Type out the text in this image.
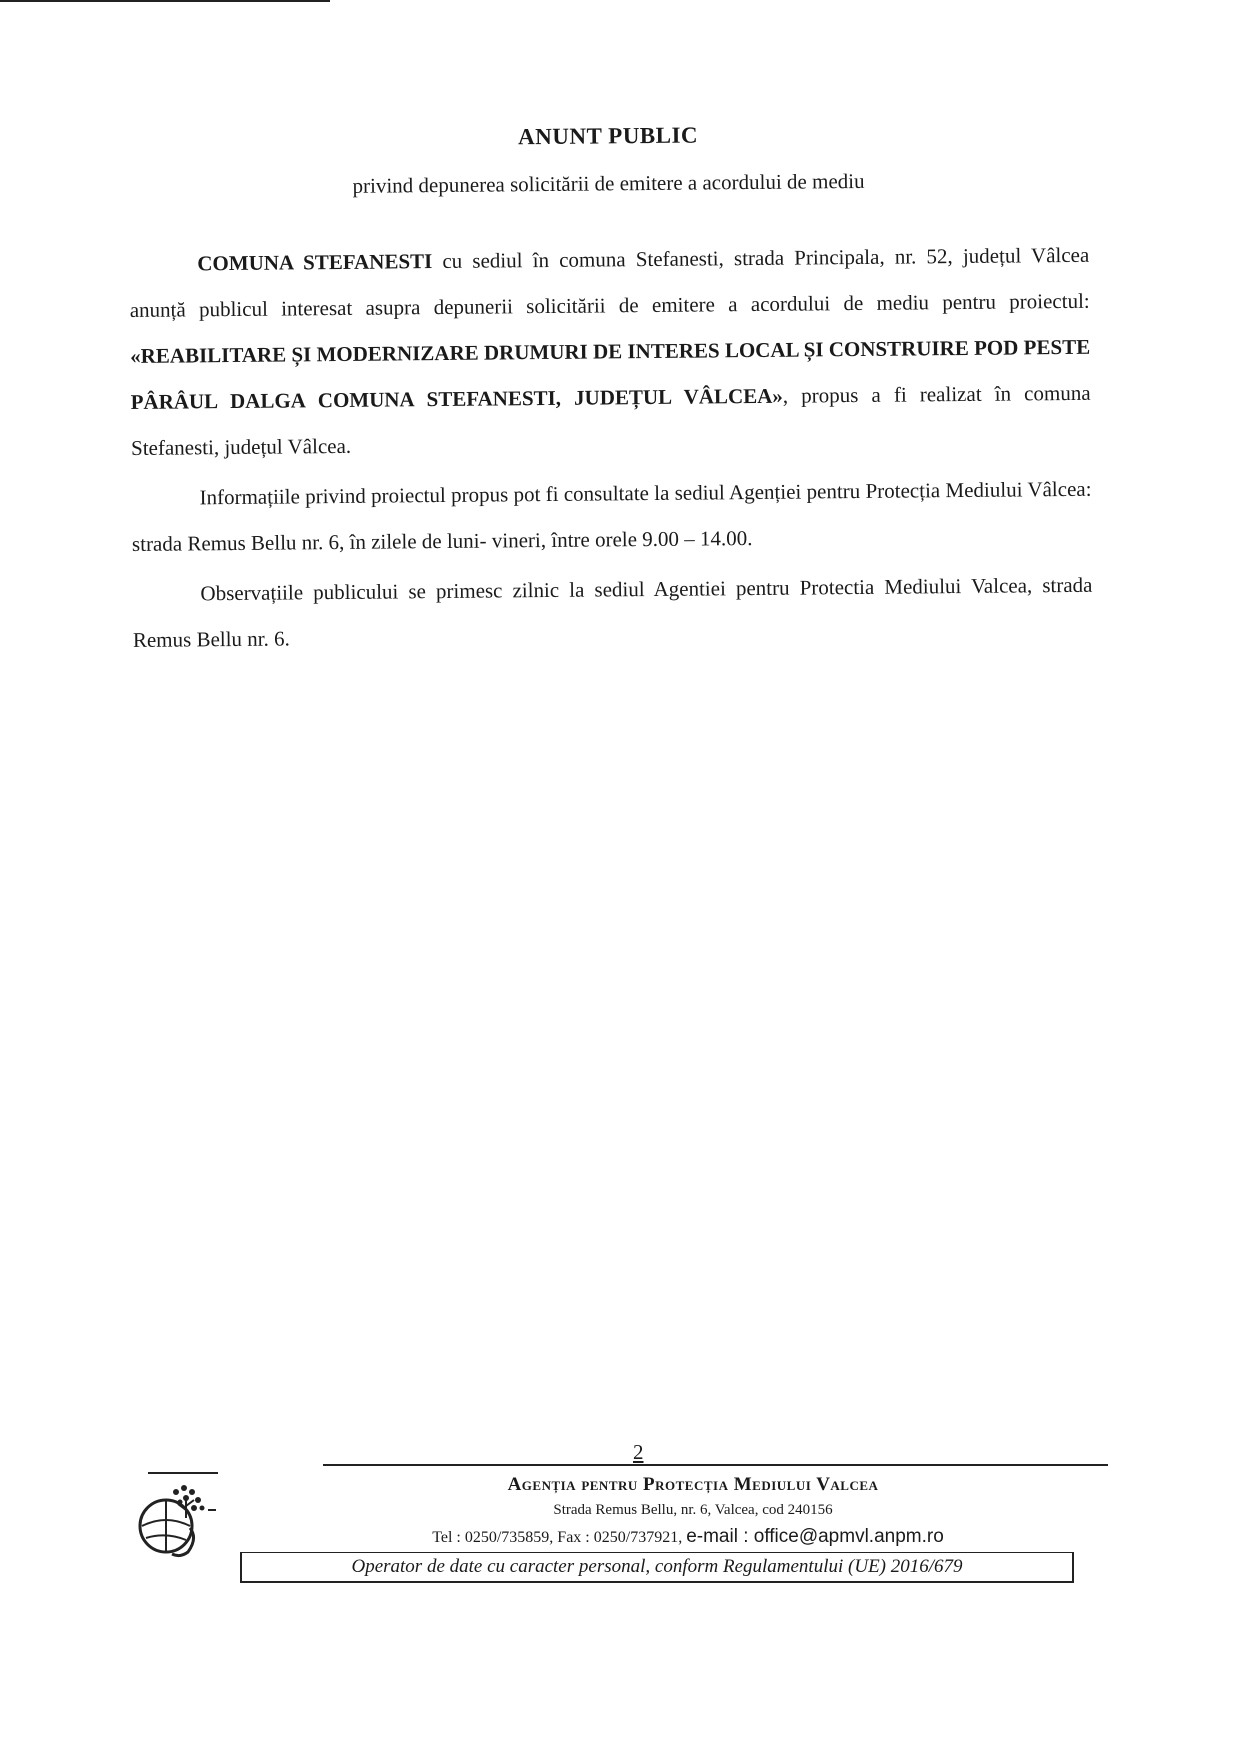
ANUNT PUBLIC

privind depunerea solicitării de emitere a acordului de mediu

COMUNA STEFANESTI cu sediul în comuna Stefanesti, strada Principala, nr. 52, județul Vâlcea anunță publicul interesat asupra depunerii solicitării de emitere a acordului de mediu pentru proiectul: «REABILITARE ȘI MODERNIZARE DRUMURI DE INTERES LOCAL ȘI CONSTRUIRE POD PESTE PÂRÂUL DALGA COMUNA STEFANESTI, JUDEȚUL VÂLCEA», propus a fi realizat în comuna Stefanesti, județul Vâlcea.

Informațiile privind proiectul propus pot fi consultate la sediul Agenției pentru Protecția Mediului Vâlcea: strada Remus Bellu nr. 6, în zilele de luni- vineri, între orele 9.00 – 14.00.

Observațiile publicului se primesc zilnic la sediul Agentiei pentru Protectia Mediului Valcea, strada Remus Bellu nr. 6.

2
Agenția pentru Protecția Mediului Valcea
Strada Remus Bellu, nr. 6, Valcea, cod 240156
Tel : 0250/735859, Fax : 0250/737921, e-mail : office@apmvl.anpm.ro
Operator de date cu caracter personal, conform Regulamentului (UE) 2016/679
